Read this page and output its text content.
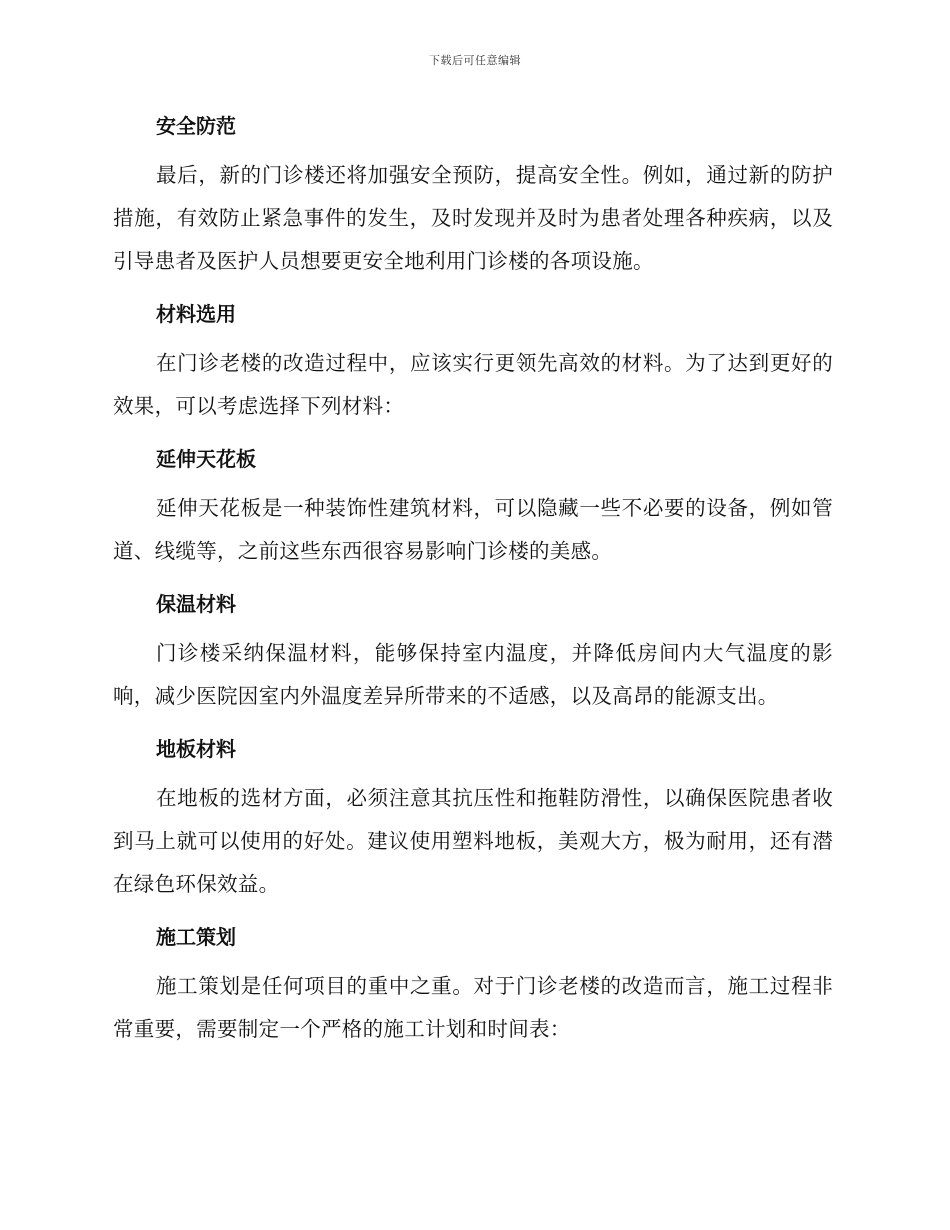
下载后可任意编辑
安全防范

最后，新的门诊楼还将加强安全预防，提高安全性。例如，通过新的防护措施，有效防止紧急事件的发生，及时发现并及时为患者处理各种疾病，以及引导患者及医护人员想要更安全地利用门诊楼的各项设施。

材料选用

在门诊老楼的改造过程中，应该实行更领先高效的材料。为了达到更好的效果，可以考虑选择下列材料：

延伸天花板

延伸天花板是一种装饰性建筑材料，可以隐藏一些不必要的设备，例如管道、线缆等，之前这些东西很容易影响门诊楼的美感。

保温材料

门诊楼采纳保温材料，能够保持室内温度，并降低房间内大气温度的影响，减少医院因室内外温度差异所带来的不适感，以及高昂的能源支出。

地板材料

在地板的选材方面，必须注意其抗压性和拖鞋防滑性，以确保医院患者收到马上就可以使用的好处。建议使用塑料地板，美观大方，极为耐用，还有潜在绿色环保效益。

施工策划

施工策划是任何项目的重中之重。对于门诊老楼的改造而言，施工过程非常重要，需要制定一个严格的施工计划和时间表：
